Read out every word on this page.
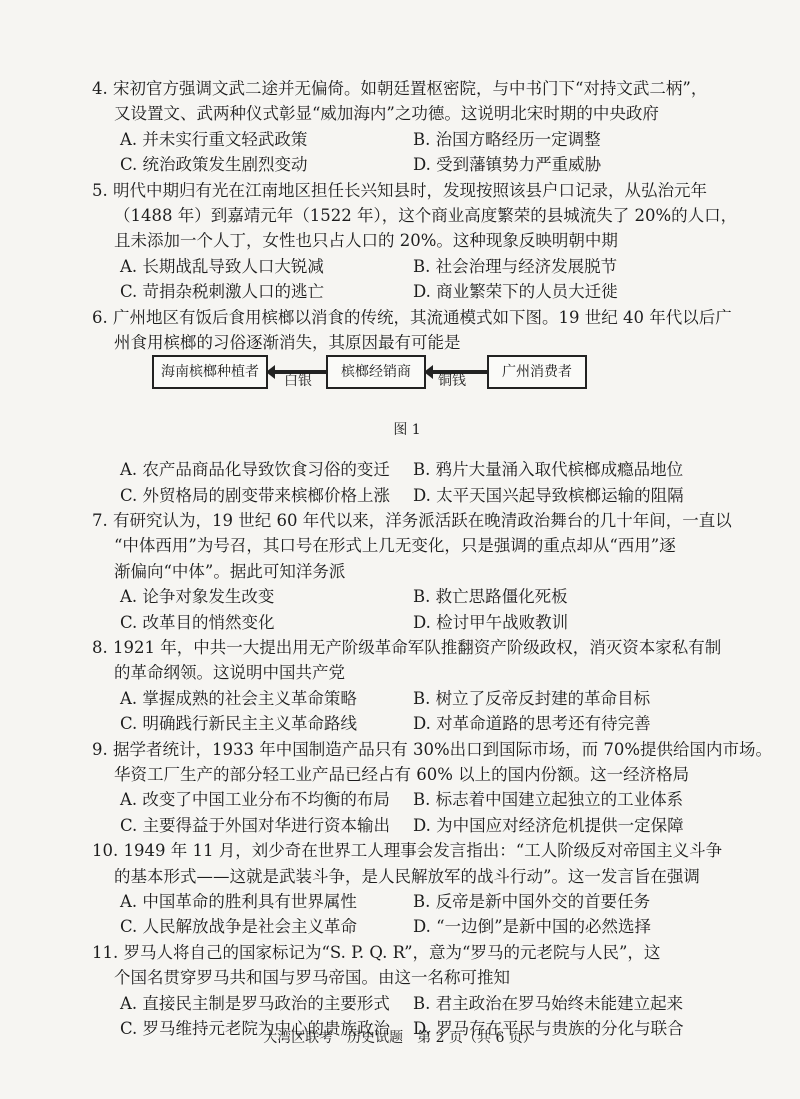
4. 宋初官方强调文武二途并无偏倚。如朝廷置枢密院，与中书门下“对持文武二柄”，
又设置文、武两种仪式彰显“威加海内”之功德。这说明北宋时期的中央政府
A. 并未实行重文轻武政策	B. 治国方略经历一定调整
C. 统治政策发生剧烈变动	D. 受到藩镇势力严重威胁
5. 明代中期归有光在江南地区担任长兴知县时，发现按照该县户口记录，从弘治元年
（1488 年）到嘉靖元年（1522 年），这个商业高度繁荣的县城流失了 20%的人口，
且未添加一个人丁，女性也只占人口的 20%。这种现象反映明朝中期
A. 长期战乱导致人口大锐减	B. 社会治理与经济发展脱节
C. 苛捐杂税刺激人口的逃亡	D. 商业繁荣下的人员大迁徙
6. 广州地区有饭后食用槟榔以消食的传统，其流通模式如下图。19 世纪 40 年代以后广
州食用槟榔的习俗逐渐消失，其原因最有可能是
海南槟榔种植者
白银
槟榔经销商
铜钱
广州消费者
图 1
A. 农产品商品化导致饮食习俗的变迁	B. 鸦片大量涌入取代槟榔成瘾品地位
C. 外贸格局的剧变带来槟榔价格上涨	D. 太平天国兴起导致槟榔运输的阻隔
7. 有研究认为，19 世纪 60 年代以来，洋务派活跃在晚清政治舞台的几十年间，一直以
“中体西用”为号召，其口号在形式上几无变化，只是强调的重点却从“西用”逐
渐偏向“中体”。据此可知洋务派
A. 论争对象发生改变	B. 救亡思路僵化死板
C. 改革目的悄然变化	D. 检讨甲午战败教训
8. 1921 年，中共一大提出用无产阶级革命军队推翻资产阶级政权，消灭资本家私有制
的革命纲领。这说明中国共产党
A. 掌握成熟的社会主义革命策略	B. 树立了反帝反封建的革命目标
C. 明确践行新民主主义革命路线	D. 对革命道路的思考还有待完善
9. 据学者统计，1933 年中国制造产品只有 30%出口到国际市场，而 70%提供给国内市场。
华资工厂生产的部分轻工业产品已经占有 60% 以上的国内份额。这一经济格局
A. 改变了中国工业分布不均衡的布局	B. 标志着中国建立起独立的工业体系
C. 主要得益于外国对华进行资本输出	D. 为中国应对经济危机提供一定保障
10. 1949 年 11 月，刘少奇在世界工人理事会发言指出：“工人阶级反对帝国主义斗争
的基本形式——这就是武装斗争，是人民解放军的战斗行动”。这一发言旨在强调
A. 中国革命的胜利具有世界属性	B. 反帝是新中国外交的首要任务
C. 人民解放战争是社会主义革命	D. “一边倒”是新中国的必然选择
11. 罗马人将自己的国家标记为“S. P. Q. R”，意为“罗马的元老院与人民”，这
个国名贯穿罗马共和国与罗马帝国。由这一名称可推知
A. 直接民主制是罗马政治的主要形式	B. 君主政治在罗马始终未能建立起来
C. 罗马维持元老院为中心的贵族政治	D. 罗马存在平民与贵族的分化与联合
大湾区联考　历史试题　第 2 页（共 6 页）
